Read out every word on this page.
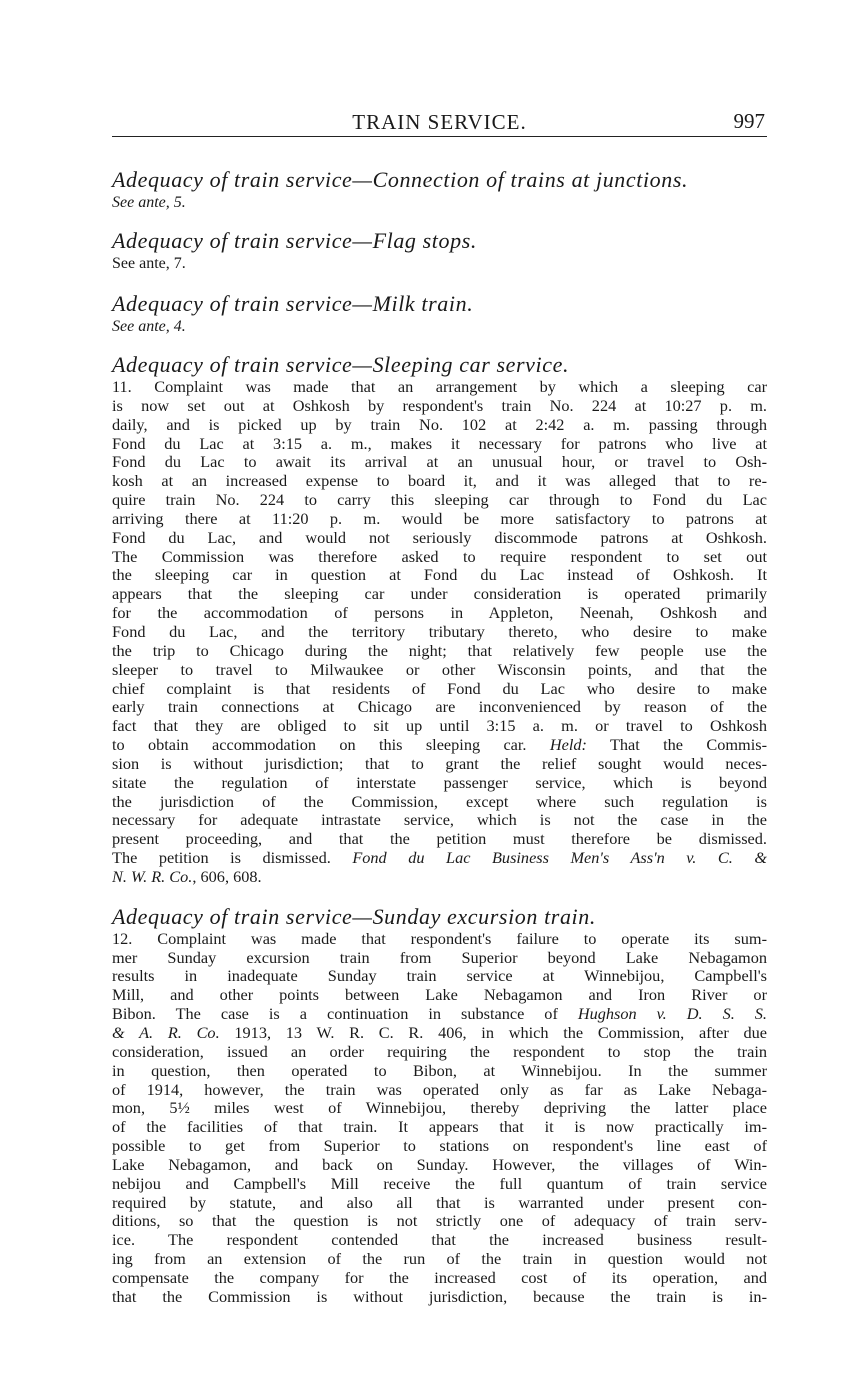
TRAIN SERVICE.	997

Adequacy of train service—Connection of trains at junctions.

See ante, 5.

Adequacy of train service—Flag stops.

See ante, 7.

Adequacy of train service—Milk train.

See ante, 4.

Adequacy of train service—Sleeping car service.

11. Complaint was made that an arrangement by which a sleeping car
is now set out at Oshkosh by respondent's train No. 224 at 10:27 p. m.
daily, and is picked up by train No. 102 at 2:42 a. m. passing through
Fond du Lac at 3:15 a. m., makes it necessary for patrons who live at
Fond du Lac to await its arrival at an unusual hour, or travel to Osh-
kosh at an increased expense to board it, and it was alleged that to re-
quire train No. 224 to carry this sleeping car through to Fond du Lac
arriving there at 11:20 p. m. would be more satisfactory to patrons at
Fond du Lac, and would not seriously discommode patrons at Oshkosh.
The Commission was therefore asked to require respondent to set out
the sleeping car in question at Fond du Lac instead of Oshkosh. It
appears that the sleeping car under consideration is operated primarily
for the accommodation of persons in Appleton, Neenah, Oshkosh and
Fond du Lac, and the territory tributary thereto, who desire to make
the trip to Chicago during the night; that relatively few people use the
sleeper to travel to Milwaukee or other Wisconsin points, and that the
chief complaint is that residents of Fond du Lac who desire to make
early train connections at Chicago are inconvenienced by reason of the
fact that they are obliged to sit up until 3:15 a. m. or travel to Oshkosh
to obtain accommodation on this sleeping car. Held: That the Commis-
sion is without jurisdiction; that to grant the relief sought would neces-
sitate the regulation of interstate passenger service, which is beyond
the jurisdiction of the Commission, except where such regulation is
necessary for adequate intrastate service, which is not the case in the
present proceeding, and that the petition must therefore be dismissed.
The petition is dismissed. Fond du Lac Business Men's Ass'n v. C. &
N. W. R. Co., 606, 608.

Adequacy of train service—Sunday excursion train.

12. Complaint was made that respondent's failure to operate its sum-
mer Sunday excursion train from Superior beyond Lake Nebagamon
results in inadequate Sunday train service at Winnebijou, Campbell's
Mill, and other points between Lake Nebagamon and Iron River or
Bibon. The case is a continuation in substance of Hughson v. D. S. S.
& A. R. Co. 1913, 13 W. R. C. R. 406, in which the Commission, after due
consideration, issued an order requiring the respondent to stop the train
in question, then operated to Bibon, at Winnebijou. In the summer
of 1914, however, the train was operated only as far as Lake Nebaga-
mon, 5½ miles west of Winnebijou, thereby depriving the latter place
of the facilities of that train. It appears that it is now practically im-
possible to get from Superior to stations on respondent's line east of
Lake Nebagamon, and back on Sunday. However, the villages of Win-
nebijou and Campbell's Mill receive the full quantum of train service
required by statute, and also all that is warranted under present con-
ditions, so that the question is not strictly one of adequacy of train serv-
ice. The respondent contended that the increased business result-
ing from an extension of the run of the train in question would not
compensate the company for the increased cost of its operation, and
that the Commission is without jurisdiction, because the train is in-
